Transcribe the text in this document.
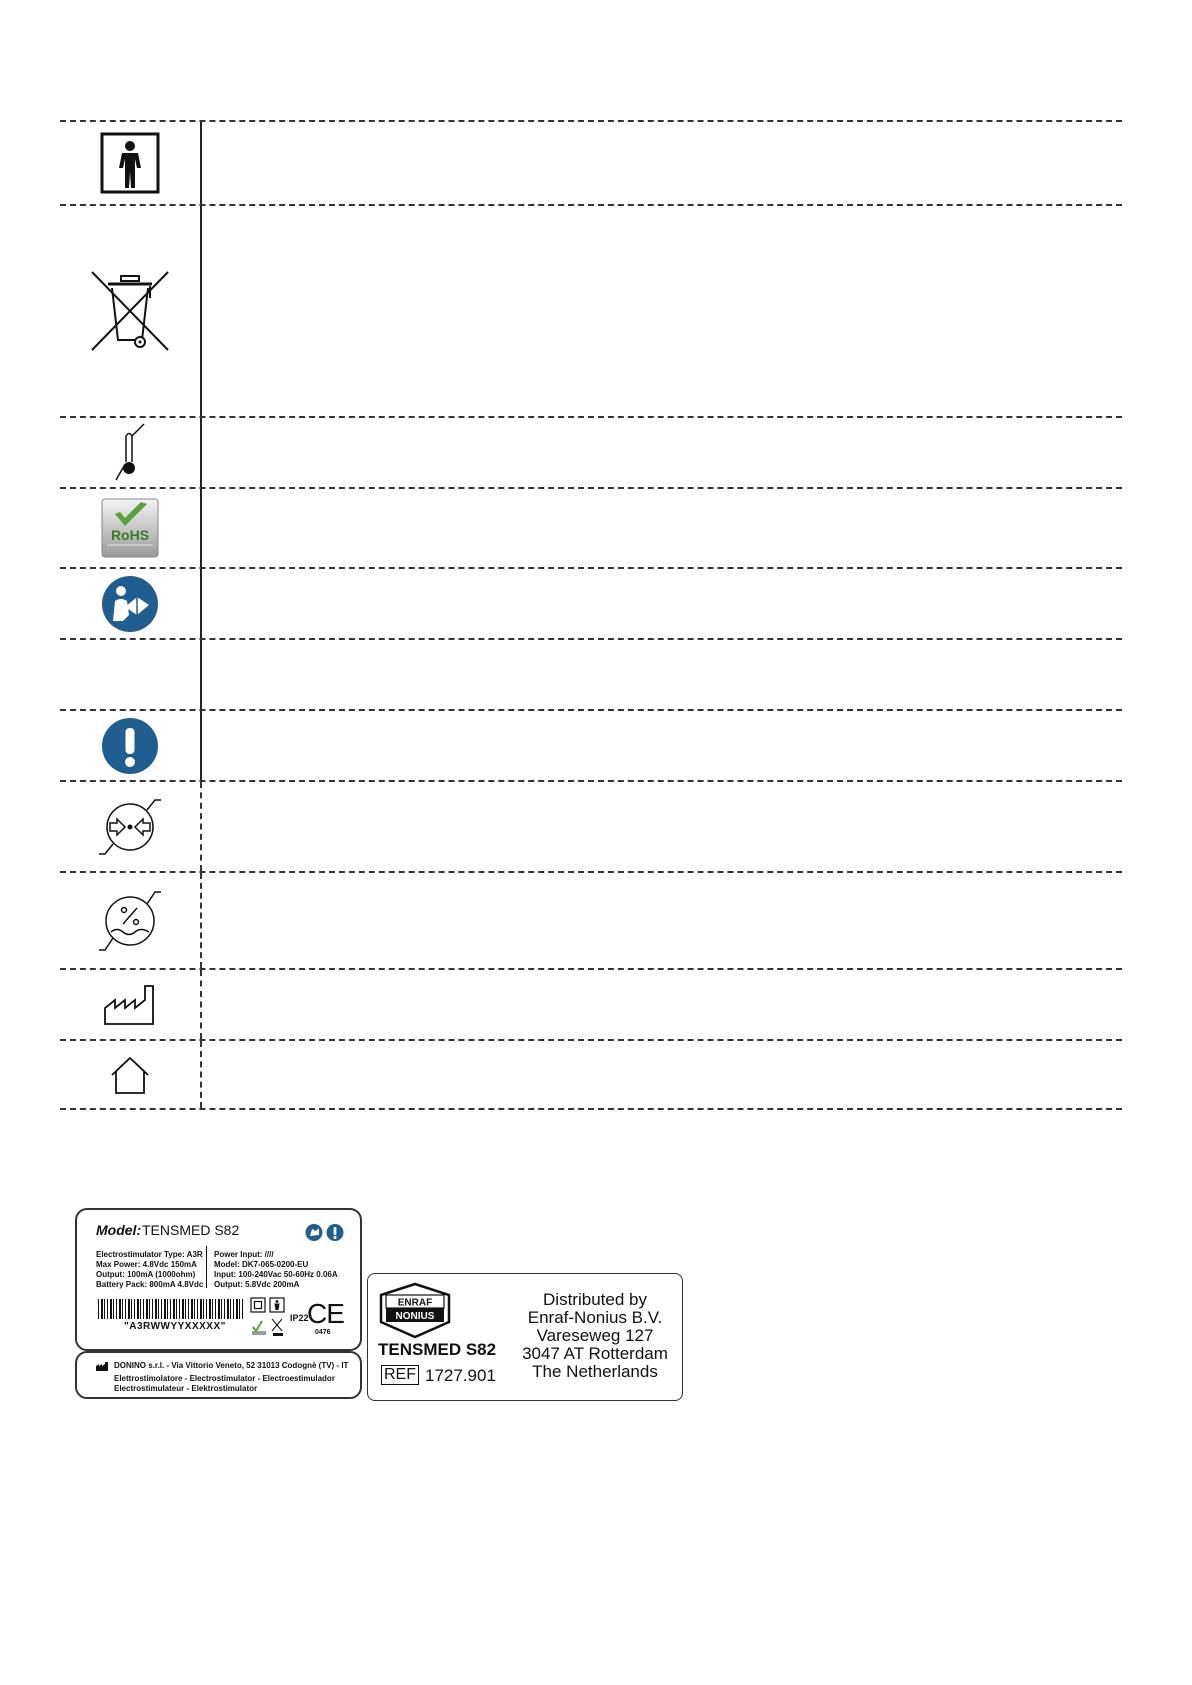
RoHS
Model: TENSMED S82
Electrostimulator Type: A3R
Max Power: 4.8Vdc 150mA
Output: 100mA (1000ohm)
Battery Pack: 800mA 4.8Vdc
Power Input: ////
Model: DK7-065-0200-EU
Input: 100-240Vac 50-60Hz 0.06A
Output: 5.8Vdc 200mA
"A3RWWYYXXXXX"
IP22
CE
0476
DONINO s.r.l. - Via Vittorio Veneto, 52 31013 Codognè (TV) - IT
Elettrostimolatore - Electrostimulator - Electroestimulador
Electrostimulateur - Elektrostimulator
ENRAF
NONIUS
TENSMED S82
REF 1727.901
Distributed by
Enraf-Nonius B.V.
Vareseweg 127
3047 AT Rotterdam
The Netherlands
